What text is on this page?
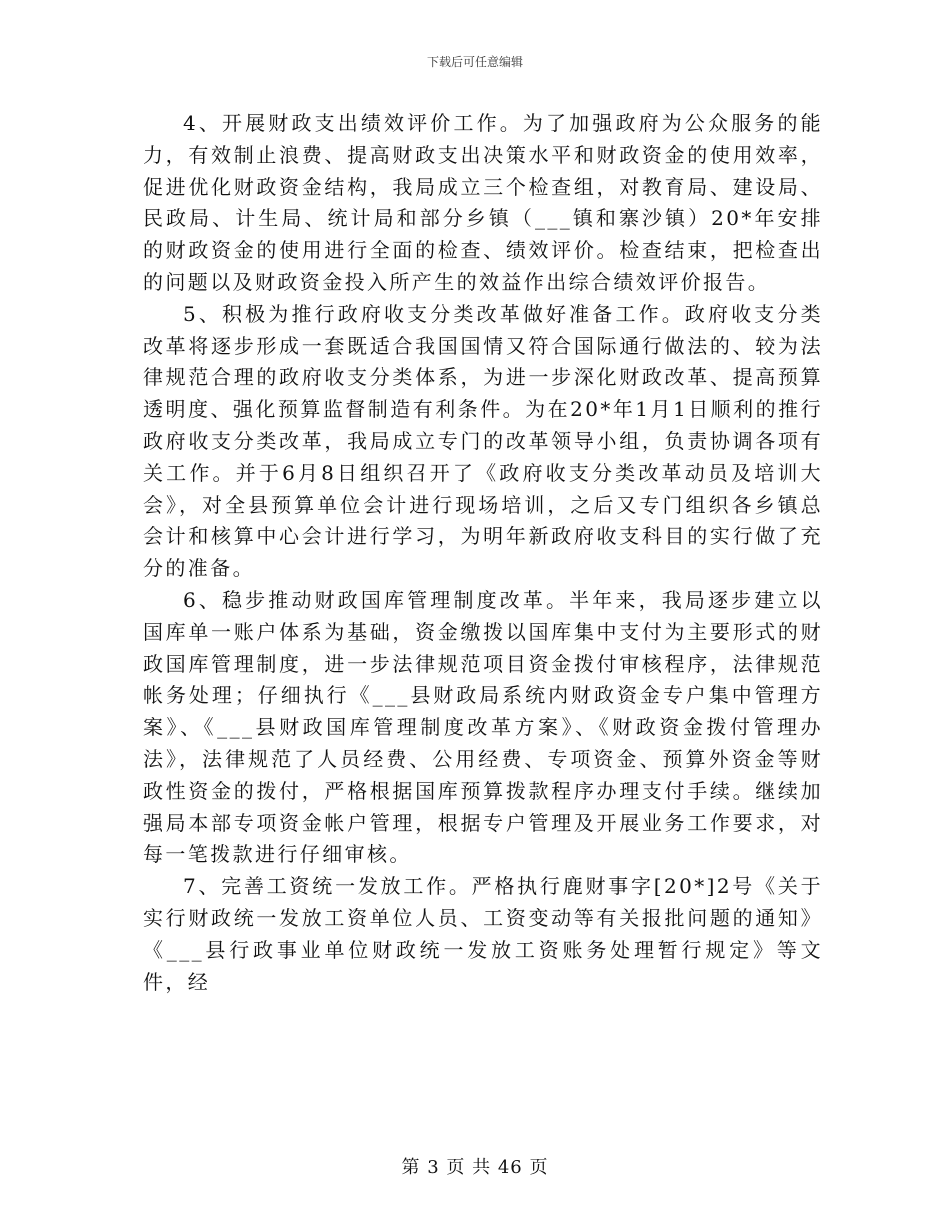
下载后可任意编辑

4、开展财政支出绩效评价工作。为了加强政府为公众服务的能力，有效制止浪费、提高财政支出决策水平和财政资金的使用效率，促进优化财政资金结构，我局成立三个检查组，对教育局、建设局、民政局、计生局、统计局和部分乡镇（___镇和寨沙镇）20*年安排的财政资金的使用进行全面的检查、绩效评价。检查结束，把检查出的问题以及财政资金投入所产生的效益作出综合绩效评价报告。

5、积极为推行政府收支分类改革做好准备工作。政府收支分类改革将逐步形成一套既适合我国国情又符合国际通行做法的、较为法律规范合理的政府收支分类体系，为进一步深化财政改革、提高预算透明度、强化预算监督制造有利条件。为在20*年1月1日顺利的推行政府收支分类改革，我局成立专门的改革领导小组，负责协调各项有关工作。并于6月8日组织召开了《政府收支分类改革动员及培训大会》，对全县预算单位会计进行现场培训，之后又专门组织各乡镇总会计和核算中心会计进行学习，为明年新政府收支科目的实行做了充分的准备。

6、稳步推动财政国库管理制度改革。半年来，我局逐步建立以国库单一账户体系为基础，资金缴拨以国库集中支付为主要形式的财政国库管理制度，进一步法律规范项目资金拨付审核程序，法律规范帐务处理；仔细执行《___县财政局系统内财政资金专户集中管理方案》、《___县财政国库管理制度改革方案》、《财政资金拨付管理办法》，法律规范了人员经费、公用经费、专项资金、预算外资金等财政性资金的拨付，严格根据国库预算拨款程序办理支付手续。继续加强局本部专项资金帐户管理，根据专户管理及开展业务工作要求，对每一笔拨款进行仔细审核。

7、完善工资统一发放工作。严格执行鹿财事字[20*]2号《关于实行财政统一发放工资单位人员、工资变动等有关报批问题的通知》《___县行政事业单位财政统一发放工资账务处理暂行规定》等文件，经

第 3 页 共 46 页
